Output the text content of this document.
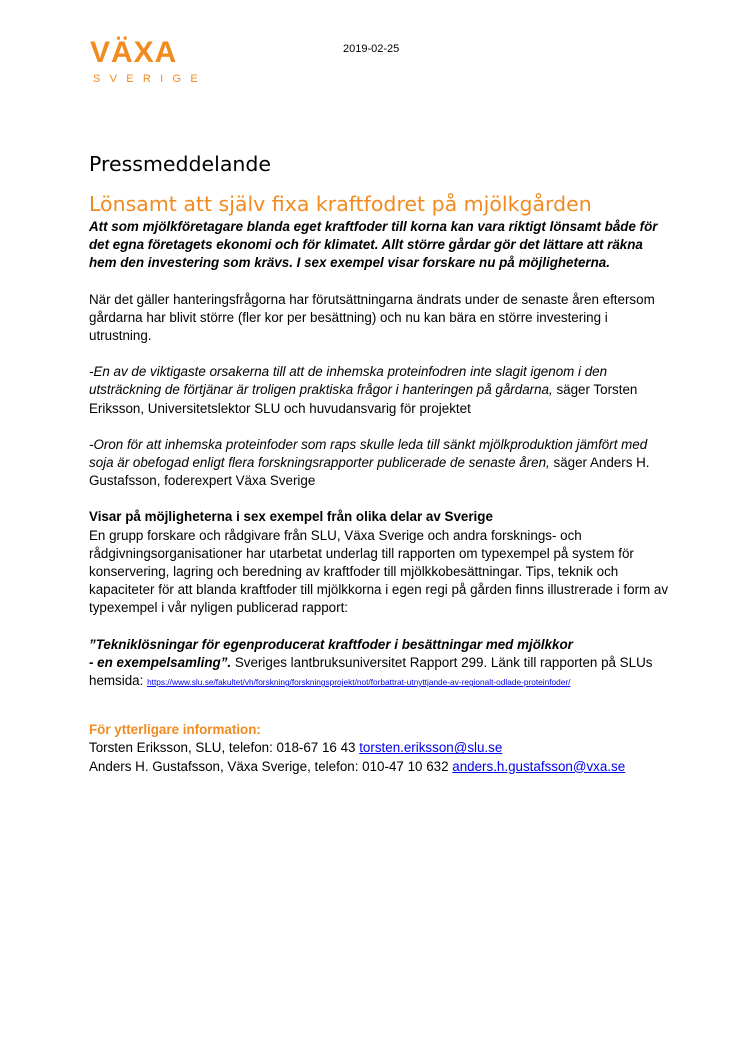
VÄXA
SVERIGE
2019-02-25
Pressmeddelande
Lönsamt att själv fixa kraftfodret på mjölkgården

Att som mjölkföretagare blanda eget kraftfoder till korna kan vara riktigt lönsamt både för det egna företagets ekonomi och för klimatet. Allt större gårdar gör det lättare att räkna hem den investering som krävs. I sex exempel visar forskare nu på möjligheterna.

När det gäller hanteringsfrågorna har förutsättningarna ändrats under de senaste åren eftersom gårdarna har blivit större (fler kor per besättning) och nu kan bära en större investering i utrustning.

-En av de viktigaste orsakerna till att de inhemska proteinfodren inte slagit igenom i den utsträckning de förtjänar är troligen praktiska frågor i hanteringen på gårdarna, säger Torsten Eriksson, Universitetslektor SLU och huvudansvarig för projektet

-Oron för att inhemska proteinfoder som raps skulle leda till sänkt mjölkproduktion jämfört med soja är obefogad enligt flera forskningsrapporter publicerade de senaste åren, säger Anders H. Gustafsson, foderexpert Växa Sverige

Visar på möjligheterna i sex exempel från olika delar av Sverige
En grupp forskare och rådgivare från SLU, Växa Sverige och andra forsknings- och rådgivningsorganisationer har utarbetat underlag till rapporten om typexempel på system för konservering, lagring och beredning av kraftfoder till mjölkkobesättningar. Tips, teknik och kapaciteter för att blanda kraftfoder till mjölkkorna i egen regi på gården finns illustrerade i form av typexempel i vår nyligen publicerad rapport:

”Tekniklösningar för egenproducerat kraftfoder i besättningar med mjölkkor
- en exempelsamling”. Sveriges lantbruksuniversitet Rapport 299. Länk till rapporten på SLUs hemsida: https://www.slu.se/fakultet/vh/forskning/forskningsprojekt/not/forbattrat-utnyttjande-av-regionalt-odlade-proteinfoder/

För ytterligare information:
Torsten Eriksson, SLU, telefon: 018-67 16 43 torsten.eriksson@slu.se
Anders H. Gustafsson, Växa Sverige, telefon: 010-47 10 632 anders.h.gustafsson@vxa.se
